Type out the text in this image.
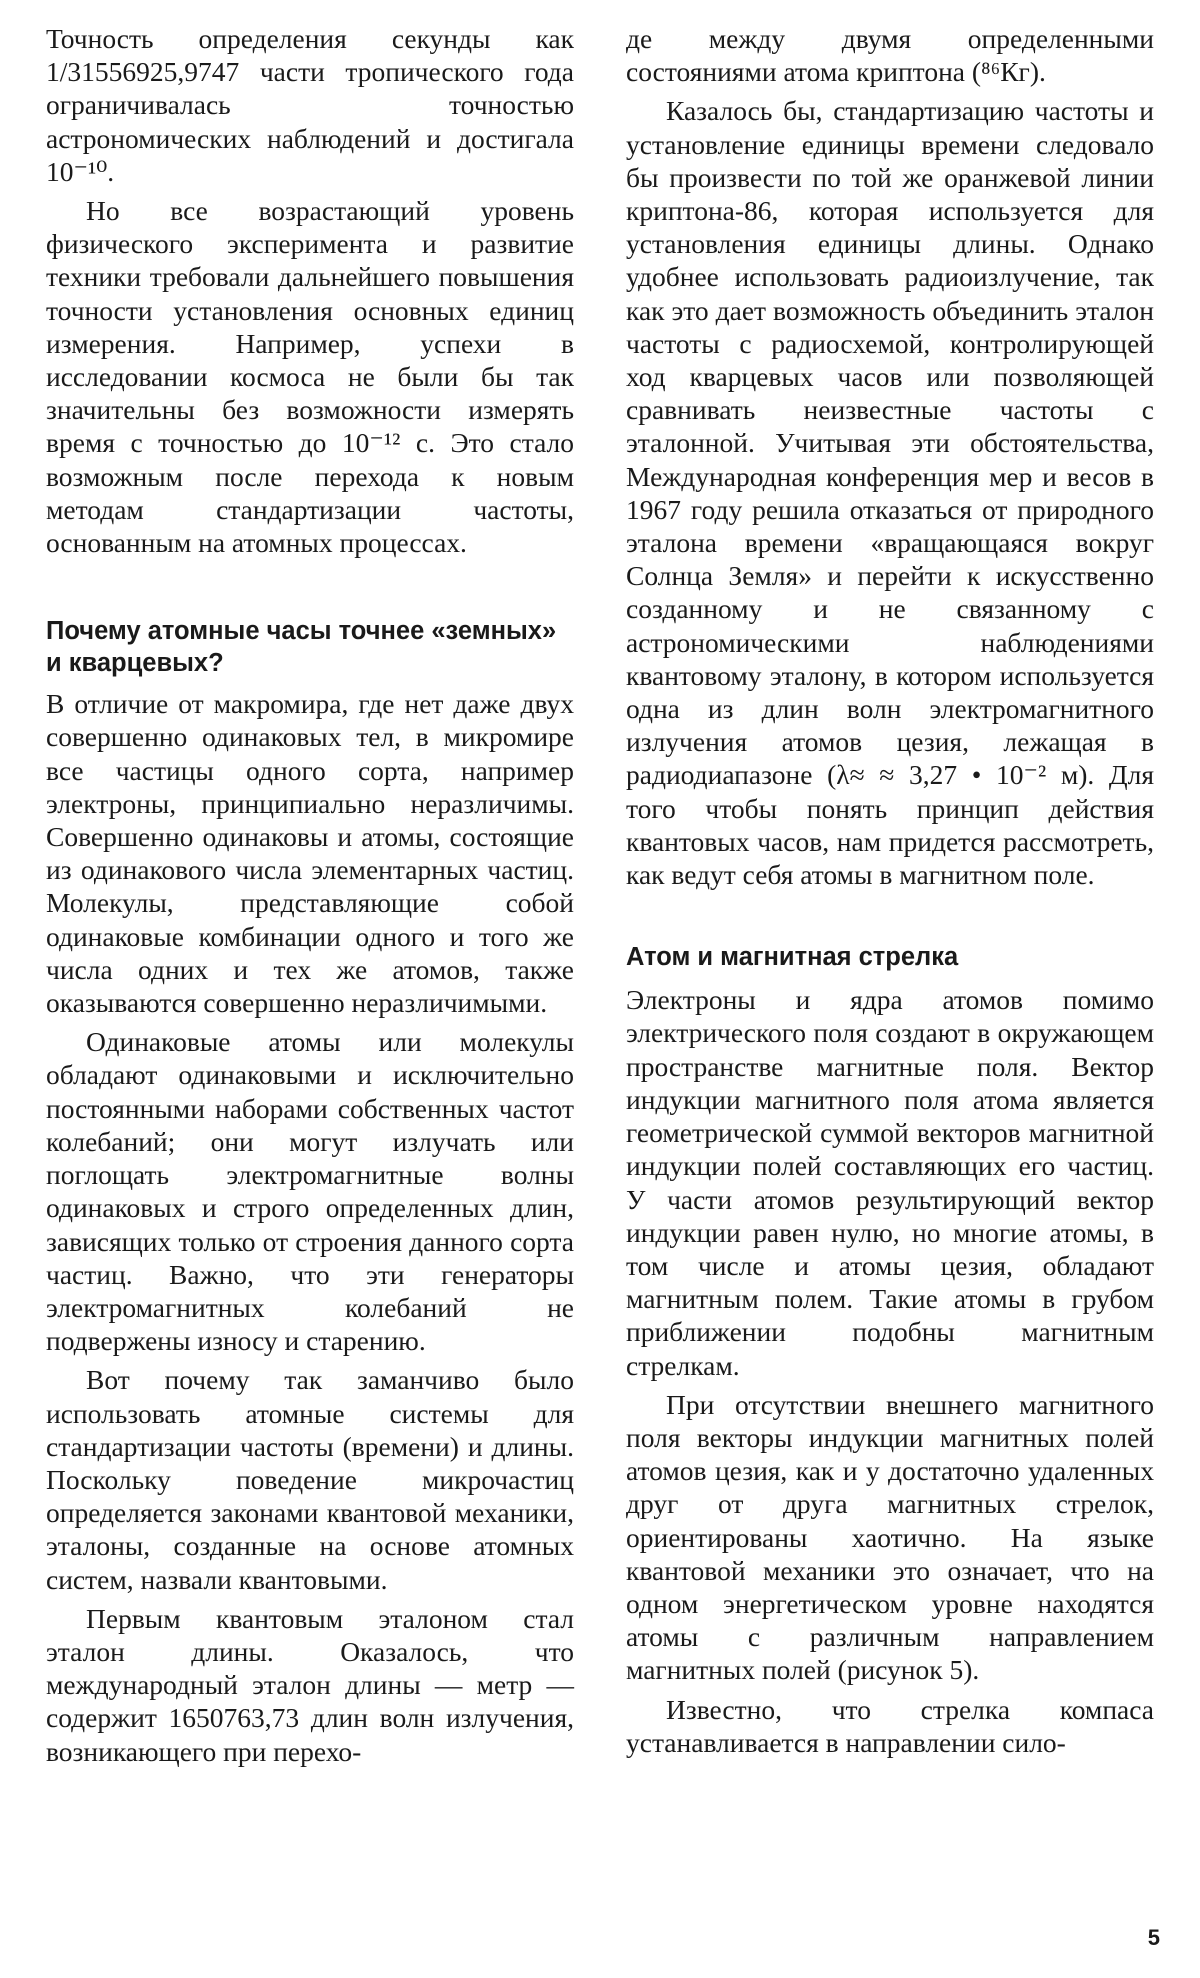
Точность определения секунды как 1/31556925,9747 части тропического года ограничивалась точностью астрономических наблюдений и достигала 10⁻¹⁰.

Но все возрастающий уровень физического эксперимента и развитие техники требовали дальнейшего повышения точности установления основных единиц измерения. Например, успехи в исследовании космоса не были бы так значительны без возможности измерять время с точностью до 10⁻¹² с. Это стало возможным после перехода к новым методам стандартизации частоты, основанным на атомных процессах.

Почему атомные часы точнее «земных» и кварцевых?

В отличие от макромира, где нет даже двух совершенно одинаковых тел, в микромире все частицы одного сорта, например электроны, принципиально неразличимы. Совершенно одинаковы и атомы, состоящие из одинакового числа элементарных частиц. Молекулы, представляющие собой одинаковые комбинации одного и того же числа одних и тех же атомов, также оказываются совершенно неразличимыми.

Одинаковые атомы или молекулы обладают одинаковыми и исключительно постоянными наборами собственных частот колебаний; они могут излучать или поглощать электромагнитные волны одинаковых и строго определенных длин, зависящих только от строения данного сорта частиц. Важно, что эти генераторы электромагнитных колебаний не подвержены износу и старению.

Вот почему так заманчиво было использовать атомные системы для стандартизации частоты (времени) и длины. Поскольку поведение микрочастиц определяется законами квантовой механики, эталоны, созданные на основе атомных систем, назвали квантовыми.

Первым квантовым эталоном стал эталон длины. Оказалось, что международный эталон длины — метр — содержит 1650763,73 длин волн излучения, возникающего при перехо-

де между двумя определенными состояниями атома криптона (⁸⁶Кг).

Казалось бы, стандартизацию частоты и установление единицы времени следовало бы произвести по той же оранжевой линии криптона-86, которая используется для установления единицы длины. Однако удобнее использовать радиоизлучение, так как это дает возможность объединить эталон частоты с радиосхемой, контролирующей ход кварцевых часов или позволяющей сравнивать неизвестные частоты с эталонной. Учитывая эти обстоятельства, Международная конференция мер и весов в 1967 году решила отказаться от природного эталона времени «вращающаяся вокруг Солнца Земля» и перейти к искусственно созданному и не связанному с астрономическими наблюдениями квантовому эталону, в котором используется одна из длин волн электромагнитного излучения атомов цезия, лежащая в радиодиапазоне (λ≈ ≈ 3,27 • 10⁻² м). Для того чтобы понять принцип действия квантовых часов, нам придется рассмотреть, как ведут себя атомы в магнитном поле.

Атом и магнитная стрелка

Электроны и ядра атомов помимо электрического поля создают в окружающем пространстве магнитные поля. Вектор индукции магнитного поля атома является геометрической суммой векторов магнитной индукции полей составляющих его частиц. У части атомов результирующий вектор индукции равен нулю, но многие атомы, в том числе и атомы цезия, обладают магнитным полем. Такие атомы в грубом приближении подобны магнитным стрелкам.

При отсутствии внешнего магнитного поля векторы индукции магнитных полей атомов цезия, как и у достаточно удаленных друг от друга магнитных стрелок, ориентированы хаотично. На языке квантовой механики это означает, что на одном энергетическом уровне находятся атомы с различным направлением магнитных полей (рисунок 5).

Известно, что стрелка компаса устанавливается в направлении сило-

5
